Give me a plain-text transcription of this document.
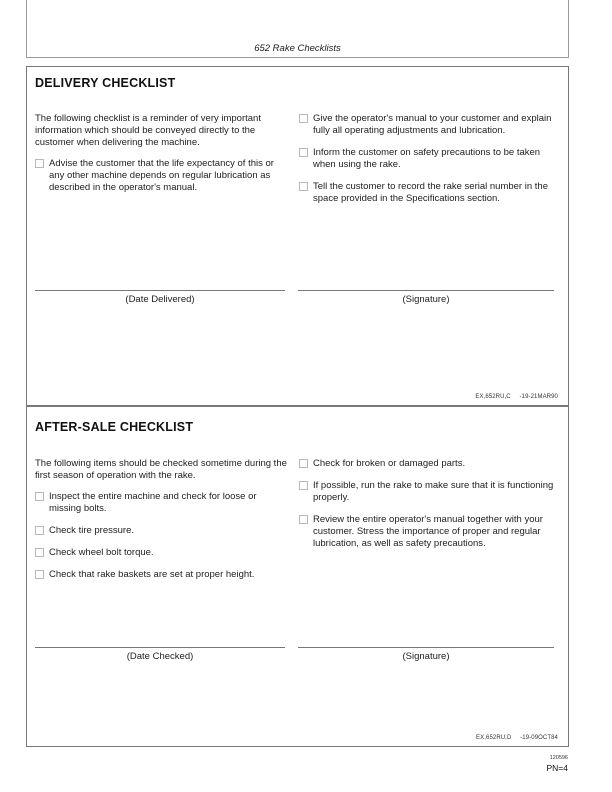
652 Rake Checklists
DELIVERY CHECKLIST

The following checklist is a reminder of very important information which should be conveyed directly to the customer when delivering the machine.

Advise the customer that the life expectancy of this or any other machine depends on regular lubrication as described in the operator's manual.
Give the operator's manual to your customer and explain fully all operating adjustments and lubrication.
Inform the customer on safety precautions to be taken when using the rake.
Tell the customer to record the rake serial number in the space provided in the Specifications section.
(Date Delivered)	(Signature)
EX,652RU,C     -19-21MAR90
AFTER-SALE CHECKLIST

The following items should be checked sometime during the first season of operation with the rake.

Inspect the entire machine and check for loose or missing bolts.
Check tire pressure.
Check wheel bolt torque.
Check that rake baskets are set at proper height.
Check for broken or damaged parts.
If possible, run the rake to make sure that it is functioning properly.
Review the entire operator's manual together with your customer. Stress the importance of proper and regular lubrication, as well as safety precautions.
(Date Checked)	(Signature)
EX,652RU,D     -19-09OCT84
120596
PN=4
